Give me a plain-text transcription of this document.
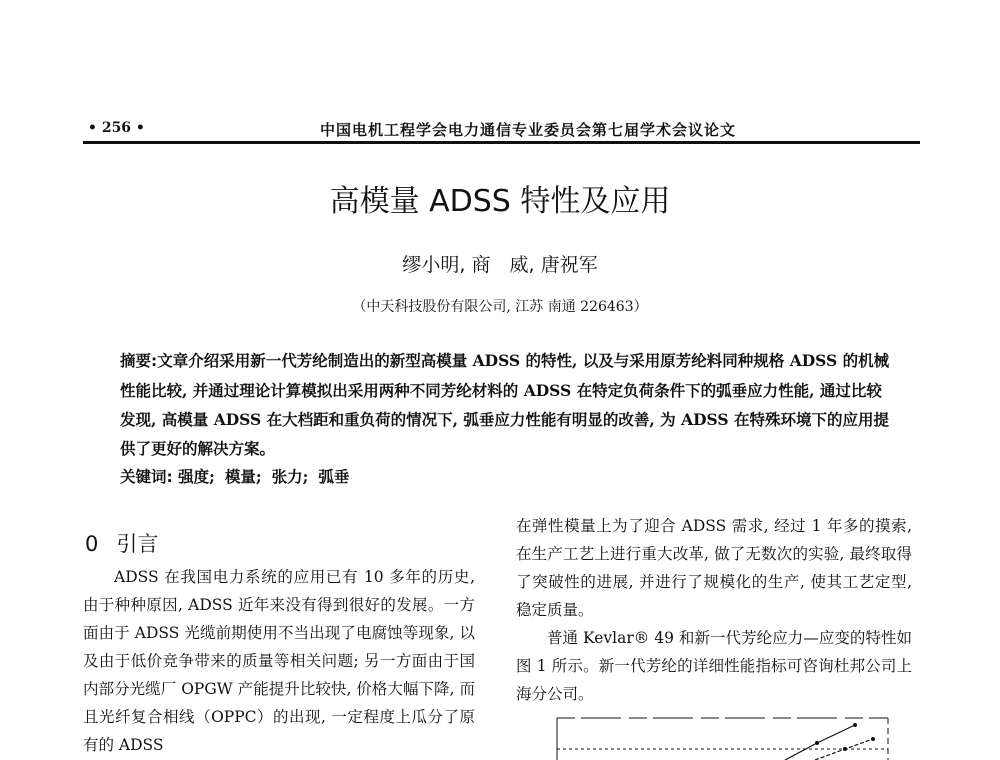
• 256 •	中国电机工程学会电力通信专业委员会第七届学术会议论文
高模量 ADSS 特性及应用
缪小明, 商　威, 唐祝军
（中天科技股份有限公司, 江苏 南通 226463）
摘要:文章介绍采用新一代芳纶制造出的新型高模量 ADSS 的特性, 以及与采用原芳纶料同种规格 ADSS 的机械性能比较, 并通过理论计算模拟出采用两种不同芳纶材料的 ADSS 在特定负荷条件下的弧垂应力性能, 通过比较发现, 高模量 ADSS 在大档距和重负荷的情况下, 弧垂应力性能有明显的改善, 为 ADSS 在特殊环境下的应用提供了更好的解决方案。
关键词: 强度; 模量; 张力; 弧垂
0 引言

ADSS 在我国电力系统的应用已有 10 多年的历史, 由于种种原因, ADSS 近年来没有得到很好的发展。一方面由于 ADSS 光缆前期使用不当出现了电腐蚀等现象, 以及由于低价竞争带来的质量等相关问题; 另一方面由于国内部分光缆厂 OPGW 产能提升比较快, 价格大幅下降, 而且光纤复合相线（OPPC）的出现, 一定程度上瓜分了原有的 ADSS

在弹性模量上为了迎合 ADSS 需求, 经过 1 年多的摸索, 在生产工艺上进行重大改革, 做了无数次的实验, 最终取得了突破性的进展, 并进行了规模化的生产, 使其工艺定型, 稳定质量。

普通 Kevlar® 49 和新一代芳纶应力—应变的特性如图 1 所示。新一代芳纶的详细性能指标可咨询杜邦公司上海分公司。
